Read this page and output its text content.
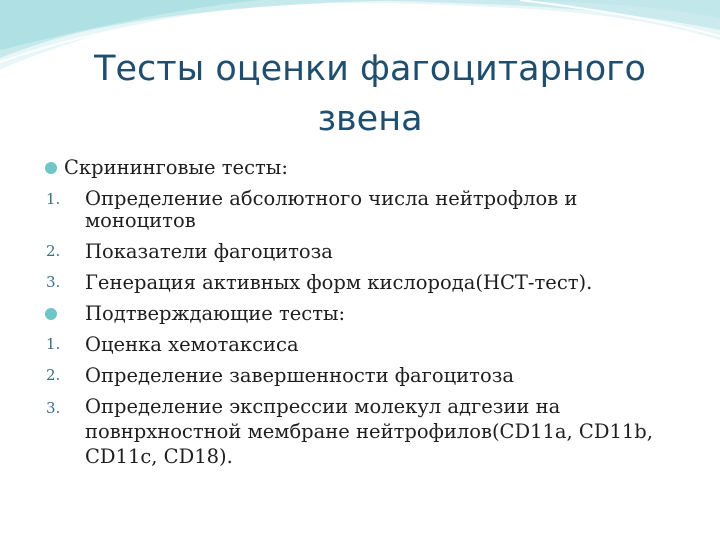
Тесты оценки фагоцитарного
звена
Скрининговые тесты:
1. Определение абсолютного числа нейтрофлов и
моноцитов
2. Показатели фагоцитоза
3. Генерация активных форм кислорода(НСТ-тест).
Подтверждающие тесты:
1. Оценка хемотаксиса
2. Определение завершенности фагоцитоза
3. Определение экспрессии молекул адгезии на
повнрхностной мембране нейтрофилов(CD11a, CD11b,
CD11c, CD18).
